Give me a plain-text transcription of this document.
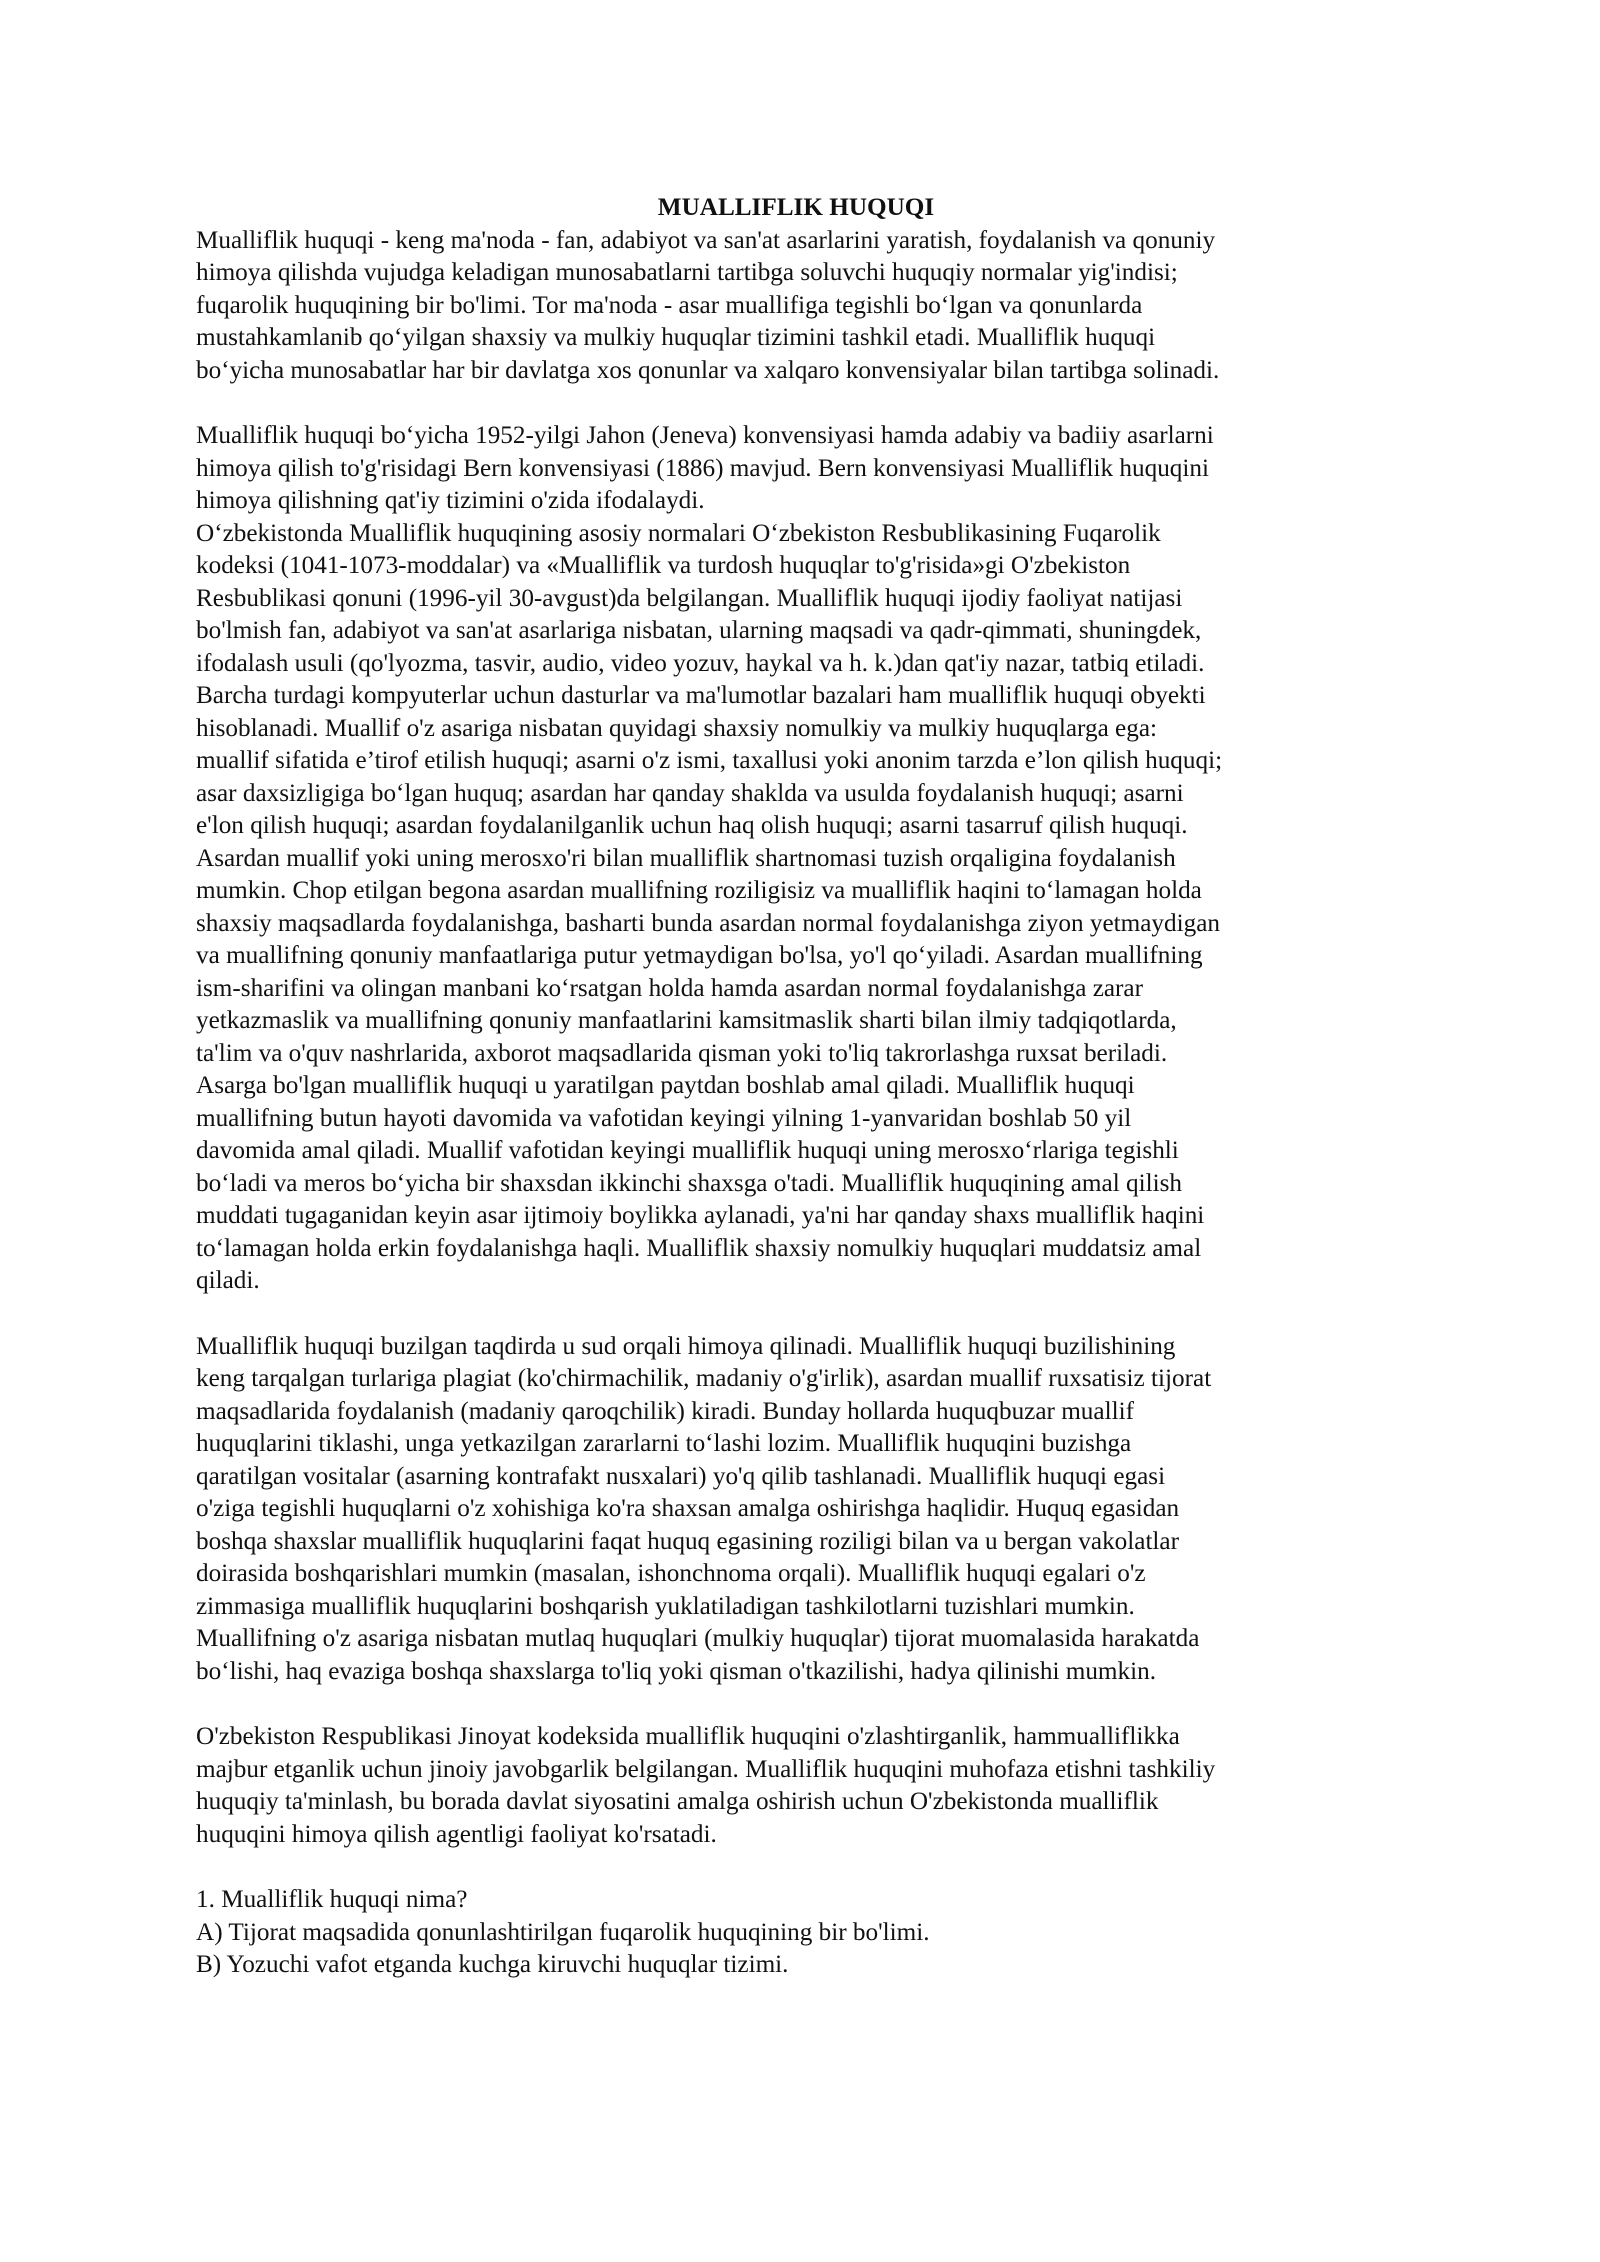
MUALLIFLIK HUQUQI
Mualliflik huquqi - keng ma'noda - fan, adabiyot va san'at asarlarini yaratish, foydalanish va qonuniy
himoya qilishda vujudga keladigan munosabatlarni tartibga soluvchi huquqiy normalar yig'indisi;
fuqarolik huquqining bir bo'limi. Tor ma'noda - asar muallifiga tegishli bo‘lgan va qonunlarda
mustahkamlanib qo‘yilgan shaxsiy va mulkiy huquqlar tizimini tashkil etadi. Mualliflik huquqi
bo‘yicha munosabatlar har bir davlatga xos qonunlar va xalqaro konvensiyalar bilan tartibga solinadi.
Mualliflik huquqi bo‘yicha 1952-yilgi Jahon (Jeneva) konvensiyasi hamda adabiy va badiiy asarlarni
himoya qilish to'g'risidagi Bern konvensiyasi (1886) mavjud. Bern konvensiyasi Mualliflik huquqini
himoya qilishning qat'iy tizimini o'zida ifodalaydi.
O‘zbekistonda Mualliflik huquqining asosiy normalari O‘zbekiston Resbublikasining Fuqarolik
kodeksi (1041-1073-moddalar) va «Mualliflik va turdosh huquqlar to'g'risida»gi O'zbekiston
Resbublikasi qonuni (1996-yil 30-avgust)da belgilangan. Mualliflik huquqi ijodiy faoliyat natijasi
bo'lmish fan, adabiyot va san'at asarlariga nisbatan, ularning maqsadi va qadr-qimmati, shuningdek,
ifodalash usuli (qo'lyozma, tasvir, audio, video yozuv, haykal va h. k.)dan qat'iy nazar, tatbiq etiladi.
Barcha turdagi kompyuterlar uchun dasturlar va ma'lumotlar bazalari ham mualliflik huquqi obyekti
hisoblanadi. Muallif o'z asariga nisbatan quyidagi shaxsiy nomulkiy va mulkiy huquqlarga ega:
muallif sifatida e’tirof etilish huquqi; asarni o'z ismi, taxallusi yoki anonim tarzda e’lon qilish huquqi;
asar daxsizligiga bo‘lgan huquq; asardan har qanday shaklda va usulda foydalanish huquqi; asarni
e'lon qilish huquqi; asardan foydalanilganlik uchun haq olish huquqi; asarni tasarruf qilish huquqi.
Asardan muallif yoki uning merosxo'ri bilan mualliflik shartnomasi tuzish orqaligina foydalanish
mumkin. Chop etilgan begona asardan muallifning roziligisiz va mualliflik haqini to‘lamagan holda
shaxsiy maqsadlarda foydalanishga, basharti bunda asardan normal foydalanishga ziyon yetmaydigan
va muallifning qonuniy manfaatlariga putur yetmaydigan bo'lsa, yo'l qo‘yiladi. Asardan muallifning
ism-sharifini va olingan manbani ko‘rsatgan holda hamda asardan normal foydalanishga zarar
yetkazmaslik va muallifning qonuniy manfaatlarini kamsitmaslik sharti bilan ilmiy tadqiqotlarda,
ta'lim va o'quv nashrlarida, axborot maqsadlarida qisman yoki to'liq takrorlashga ruxsat beriladi.
Asarga bo'lgan mualliflik huquqi u yaratilgan paytdan boshlab amal qiladi. Mualliflik huquqi
muallifning butun hayoti davomida va vafotidan keyingi yilning 1-yanvaridan boshlab 50 yil
davomida amal qiladi. Muallif vafotidan keyingi mualliflik huquqi uning merosxo‘rlariga tegishli
bo‘ladi va meros bo‘yicha bir shaxsdan ikkinchi shaxsga o'tadi. Mualliflik huquqining amal qilish
muddati tugaganidan keyin asar ijtimoiy boylikka aylanadi, ya'ni har qanday shaxs mualliflik haqini
to‘lamagan holda erkin foydalanishga haqli. Mualliflik shaxsiy nomulkiy huquqlari muddatsiz amal
qiladi.
Mualliflik huquqi buzilgan taqdirda u sud orqali himoya qilinadi. Mualliflik huquqi buzilishining
keng tarqalgan turlariga plagiat (ko'chirmachilik, madaniy o'g'irlik), asardan muallif ruxsatisiz tijorat
maqsadlarida foydalanish (madaniy qaroqchilik) kiradi. Bunday hollarda huquqbuzar muallif
huquqlarini tiklashi, unga yetkazilgan zararlarni to‘lashi lozim. Mualliflik huquqini buzishga
qaratilgan vositalar (asarning kontrafakt nusxalari) yo'q qilib tashlanadi. Mualliflik huquqi egasi
o'ziga tegishli huquqlarni o'z xohishiga ko'ra shaxsan amalga oshirishga haqlidir. Huquq egasidan
boshqa shaxslar mualliflik huquqlarini faqat huquq egasining roziligi bilan va u bergan vakolatlar
doirasida boshqarishlari mumkin (masalan, ishonchnoma orqali). Mualliflik huquqi egalari o'z
zimmasiga mualliflik huquqlarini boshqarish yuklatiladigan tashkilotlarni tuzishlari mumkin.
Muallifning o'z asariga nisbatan mutlaq huquqlari (mulkiy huquqlar) tijorat muomalasida harakatda
bo‘lishi, haq evaziga boshqa shaxslarga to'liq yoki qisman o'tkazilishi, hadya qilinishi mumkin.
O'zbekiston Respublikasi Jinoyat kodeksida mualliflik huquqini o'zlashtirganlik, hammualliflikka
majbur etganlik uchun jinoiy javobgarlik belgilangan. Mualliflik huquqini muhofaza etishni tashkiliy
huquqiy ta'minlash, bu borada davlat siyosatini amalga oshirish uchun O'zbekistonda mualliflik
huquqini himoya qilish agentligi faoliyat ko'rsatadi.
1. Mualliflik huquqi nima?
A) Tijorat maqsadida qonunlashtirilgan fuqarolik huquqining bir bo'limi.
B) Yozuchi vafot etganda kuchga kiruvchi huquqlar tizimi.
